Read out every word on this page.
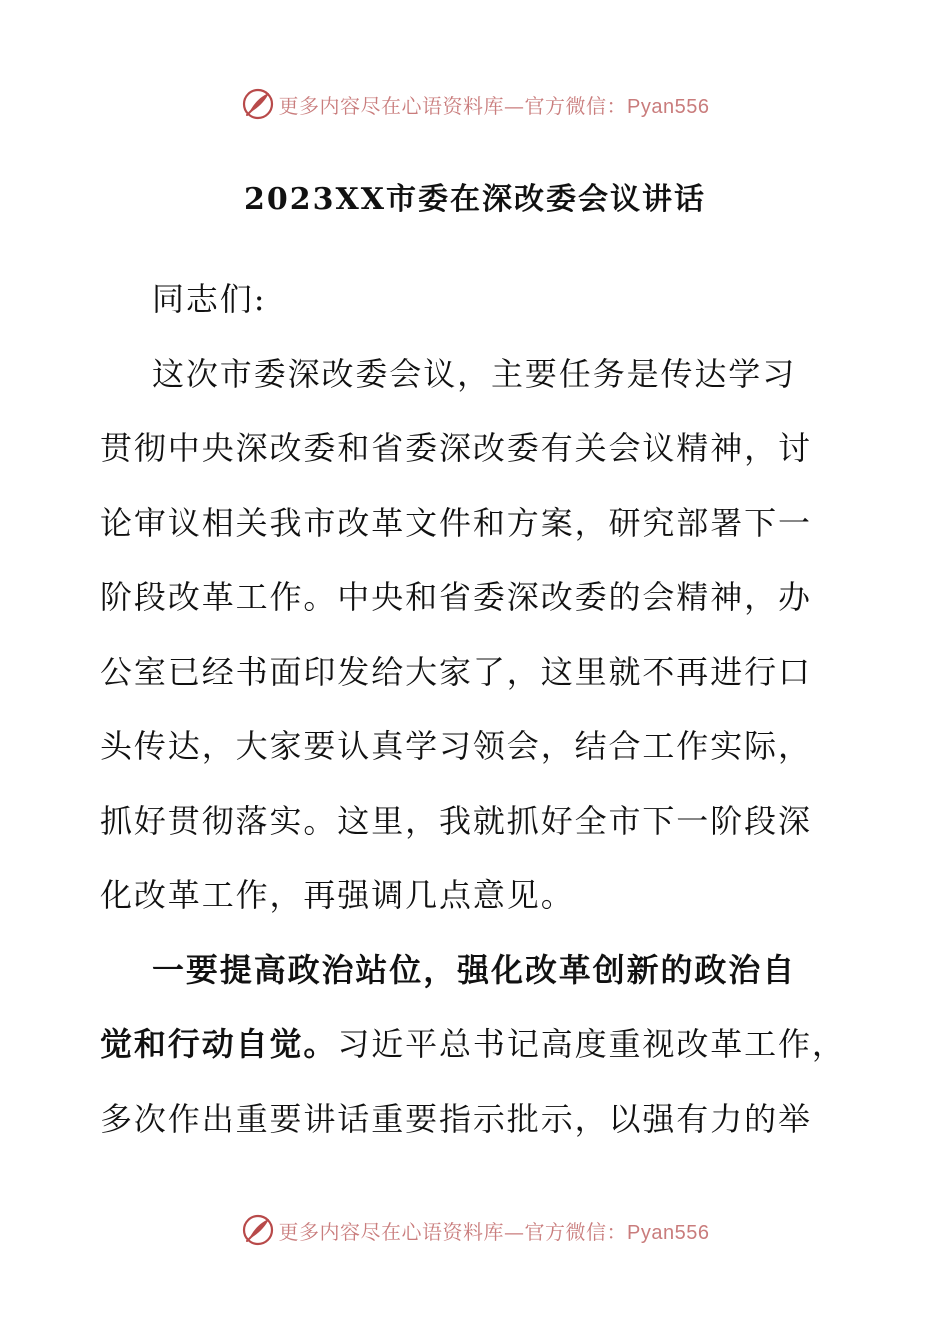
更多内容尽在心语资料库—官方微信：Pyan556
2023XX市委在深改委会议讲话
同志们:
这次市委深改委会议，主要任务是传达学习
贯彻中央深改委和省委深改委有关会议精神，讨
论审议相关我市改革文件和方案，研究部署下一
阶段改革工作。中央和省委深改委的会精神，办
公室已经书面印发给大家了，这里就不再进行口
头传达，大家要认真学习领会，结合工作实际，
抓好贯彻落实。这里，我就抓好全市下一阶段深
化改革工作，再强调几点意见。
一要提高政治站位，强化改革创新的政治自
觉和行动自觉。习近平总书记高度重视改革工作，
多次作出重要讲话重要指示批示，以强有力的举
更多内容尽在心语资料库—官方微信：Pyan556
